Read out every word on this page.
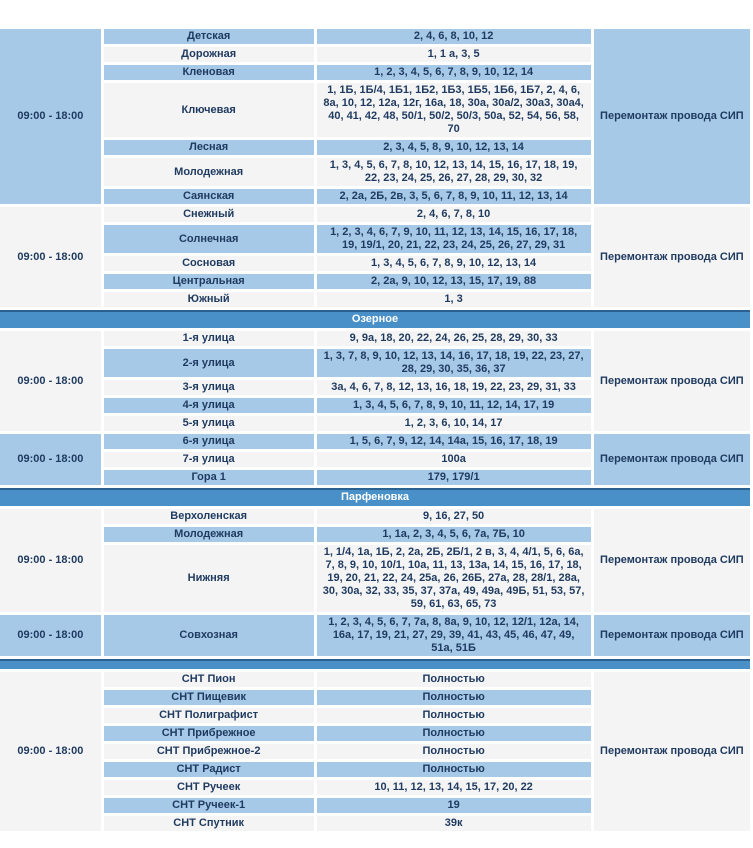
09:00 - 18:00	Детская	2, 4, 6, 8, 10, 12	Перемонтаж провода СИП
	Дорожная	1, 1 а, 3, 5	
	Кленовая	1, 2, 3, 4, 5, 6, 7, 8, 9, 10, 12, 14	
	Ключевая	1, 1Б, 1Б/4, 1Б1, 1Б2, 1Б3, 1Б5, 1Б6, 1Б7, 2, 4, 6, 8а, 10, 12, 12а, 12г, 16а, 18, 30а, 30а/2, 30а3, 30а4, 40, 41, 42, 48, 50/1, 50/2, 50/3, 50а, 52, 54, 56, 58, 70	
	Лесная	2, 3, 4, 5, 8, 9, 10, 12, 13, 14	
	Молодежная	1, 3, 4, 5, 6, 7, 8, 10, 12, 13, 14, 15, 16, 17, 18, 19, 22, 23, 24, 25, 26, 27, 28, 29, 30, 32	
	Саянская	2, 2а, 2Б, 2в, 3, 5, 6, 7, 8, 9, 10, 11, 12, 13, 14	
09:00 - 18:00	Снежный	2, 4, 6, 7, 8, 10	Перемонтаж провода СИП
	Солнечная	1, 2, 3, 4, 6, 7, 9, 10, 11, 12, 13, 14, 15, 16, 17, 18, 19, 19/1, 20, 21, 22, 23, 24, 25, 26, 27, 29, 31	
	Сосновая	1, 3, 4, 5, 6, 7, 8, 9, 10, 12, 13, 14	
	Центральная	2, 2а, 9, 10, 12, 13, 15, 17, 19, 88	
	Южный	1, 3	
Озерное			
09:00 - 18:00	1-я улица	9, 9а, 18, 20, 22, 24, 26, 25, 28, 29, 30, 33	Перемонтаж провода СИП
	2-я улица	1, 3, 7, 8, 9, 10, 12, 13, 14, 16, 17, 18, 19, 22, 23, 27, 28, 29, 30, 35, 36, 37	
	3-я улица	3а, 4, 6, 7, 8, 12, 13, 16, 18, 19, 22, 23, 29, 31, 33	
	4-я улица	1, 3, 4, 5, 6, 7, 8, 9, 10, 11, 12, 14, 17, 19	
	5-я улица	1, 2, 3, 6, 10, 14, 17	
09:00 - 18:00	6-я улица	1, 5, 6, 7, 9, 12, 14, 14а, 15, 16, 17, 18, 19	Перемонтаж провода СИП
	7-я улица	100а	
	Гора 1	179, 179/1	
Парфеновка			
09:00 - 18:00	Верхоленская	9, 16, 27, 50	Перемонтаж провода СИП
	Молодежная	1, 1а, 2, 3, 4, 5, 6, 7а, 7Б, 10	
	Нижняя	1, 1/4, 1а, 1Б, 2, 2а, 2Б, 2Б/1, 2 в, 3, 4, 4/1, 5, 6, 6а, 7, 8, 9, 10, 10/1, 10а, 11, 13, 13а, 14, 15, 16, 17, 18, 19, 20, 21, 22, 24, 25а, 26, 26Б, 27а, 28, 28/1, 28а, 30, 30а, 32, 33, 35, 37, 37а, 49, 49а, 49Б, 51, 53, 57, 59, 61, 63, 65, 73	
09:00 - 18:00	Совхозная	1, 2, 3, 4, 5, 6, 7, 7а, 8, 8а, 9, 10, 12, 12/1, 12а, 14, 16а, 17, 19, 21, 27, 29, 39, 41, 43, 45, 46, 47, 49, 51а, 51Б	Перемонтаж провода СИП

09:00 - 18:00	СНТ Пион	Полностью	Перемонтаж провода СИП
	СНТ Пищевик	Полностью	
	СНТ Полиграфист	Полностью	
	СНТ Прибрежное	Полностью	
	СНТ Прибрежное-2	Полностью	
	СНТ Радист	Полностью	
	СНТ Ручеек	10, 11, 12, 13, 14, 15, 17, 20, 22	
	СНТ Ручеек-1	19	
	СНТ Спутник	39к	
